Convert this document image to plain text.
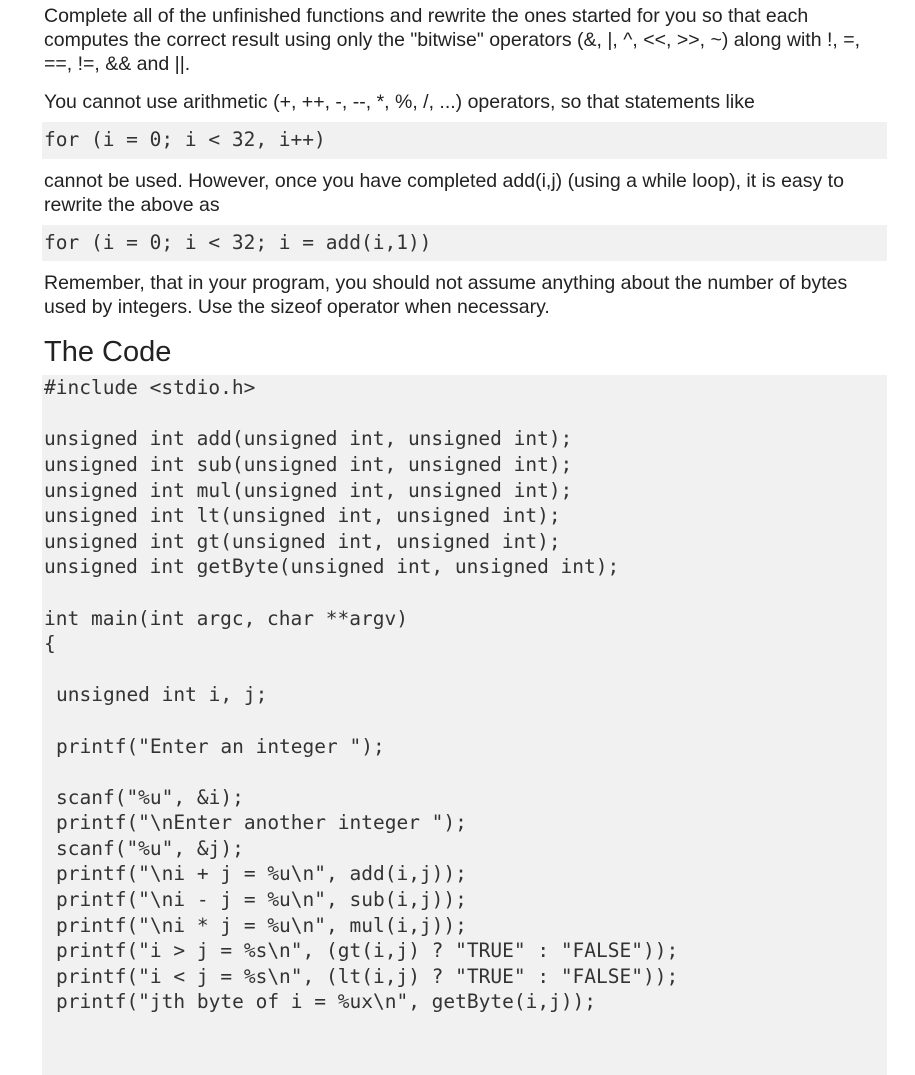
Complete all of the unfinished functions and rewrite the ones started for you so that each computes the correct result using only the "bitwise" operators (&, |, ^, <<, >>, ~) along with !, =, ==, !=, && and ||.

You cannot use arithmetic (+, ++, -, --, *, %, /, ...) operators, so that statements like

for (i = 0; i < 32, i++)

cannot be used. However, once you have completed add(i,j) (using a while loop), it is easy to rewrite the above as

for (i = 0; i < 32; i = add(i,1))

Remember, that in your program, you should not assume anything about the number of bytes used by integers. Use the sizeof operator when necessary.

The Code
#include <stdio.h>
unsigned int add(unsigned int, unsigned int);
unsigned int sub(unsigned int, unsigned int);
unsigned int mul(unsigned int, unsigned int);
unsigned int lt(unsigned int, unsigned int);
unsigned int gt(unsigned int, unsigned int);
unsigned int getByte(unsigned int, unsigned int);
int main(int argc, char **argv)
{
unsigned int i, j;
printf("Enter an integer ");
scanf("%u", &i);
printf("\nEnter another integer ");
scanf("%u", &j);
printf("\ni + j = %u\n", add(i,j));
printf("\ni - j = %u\n", sub(i,j));
printf("\ni * j = %u\n", mul(i,j));
printf("i > j = %s\n", (gt(i,j) ? "TRUE" : "FALSE"));
printf("i < j = %s\n", (lt(i,j) ? "TRUE" : "FALSE"));
printf("jth byte of i = %ux\n", getByte(i,j));
